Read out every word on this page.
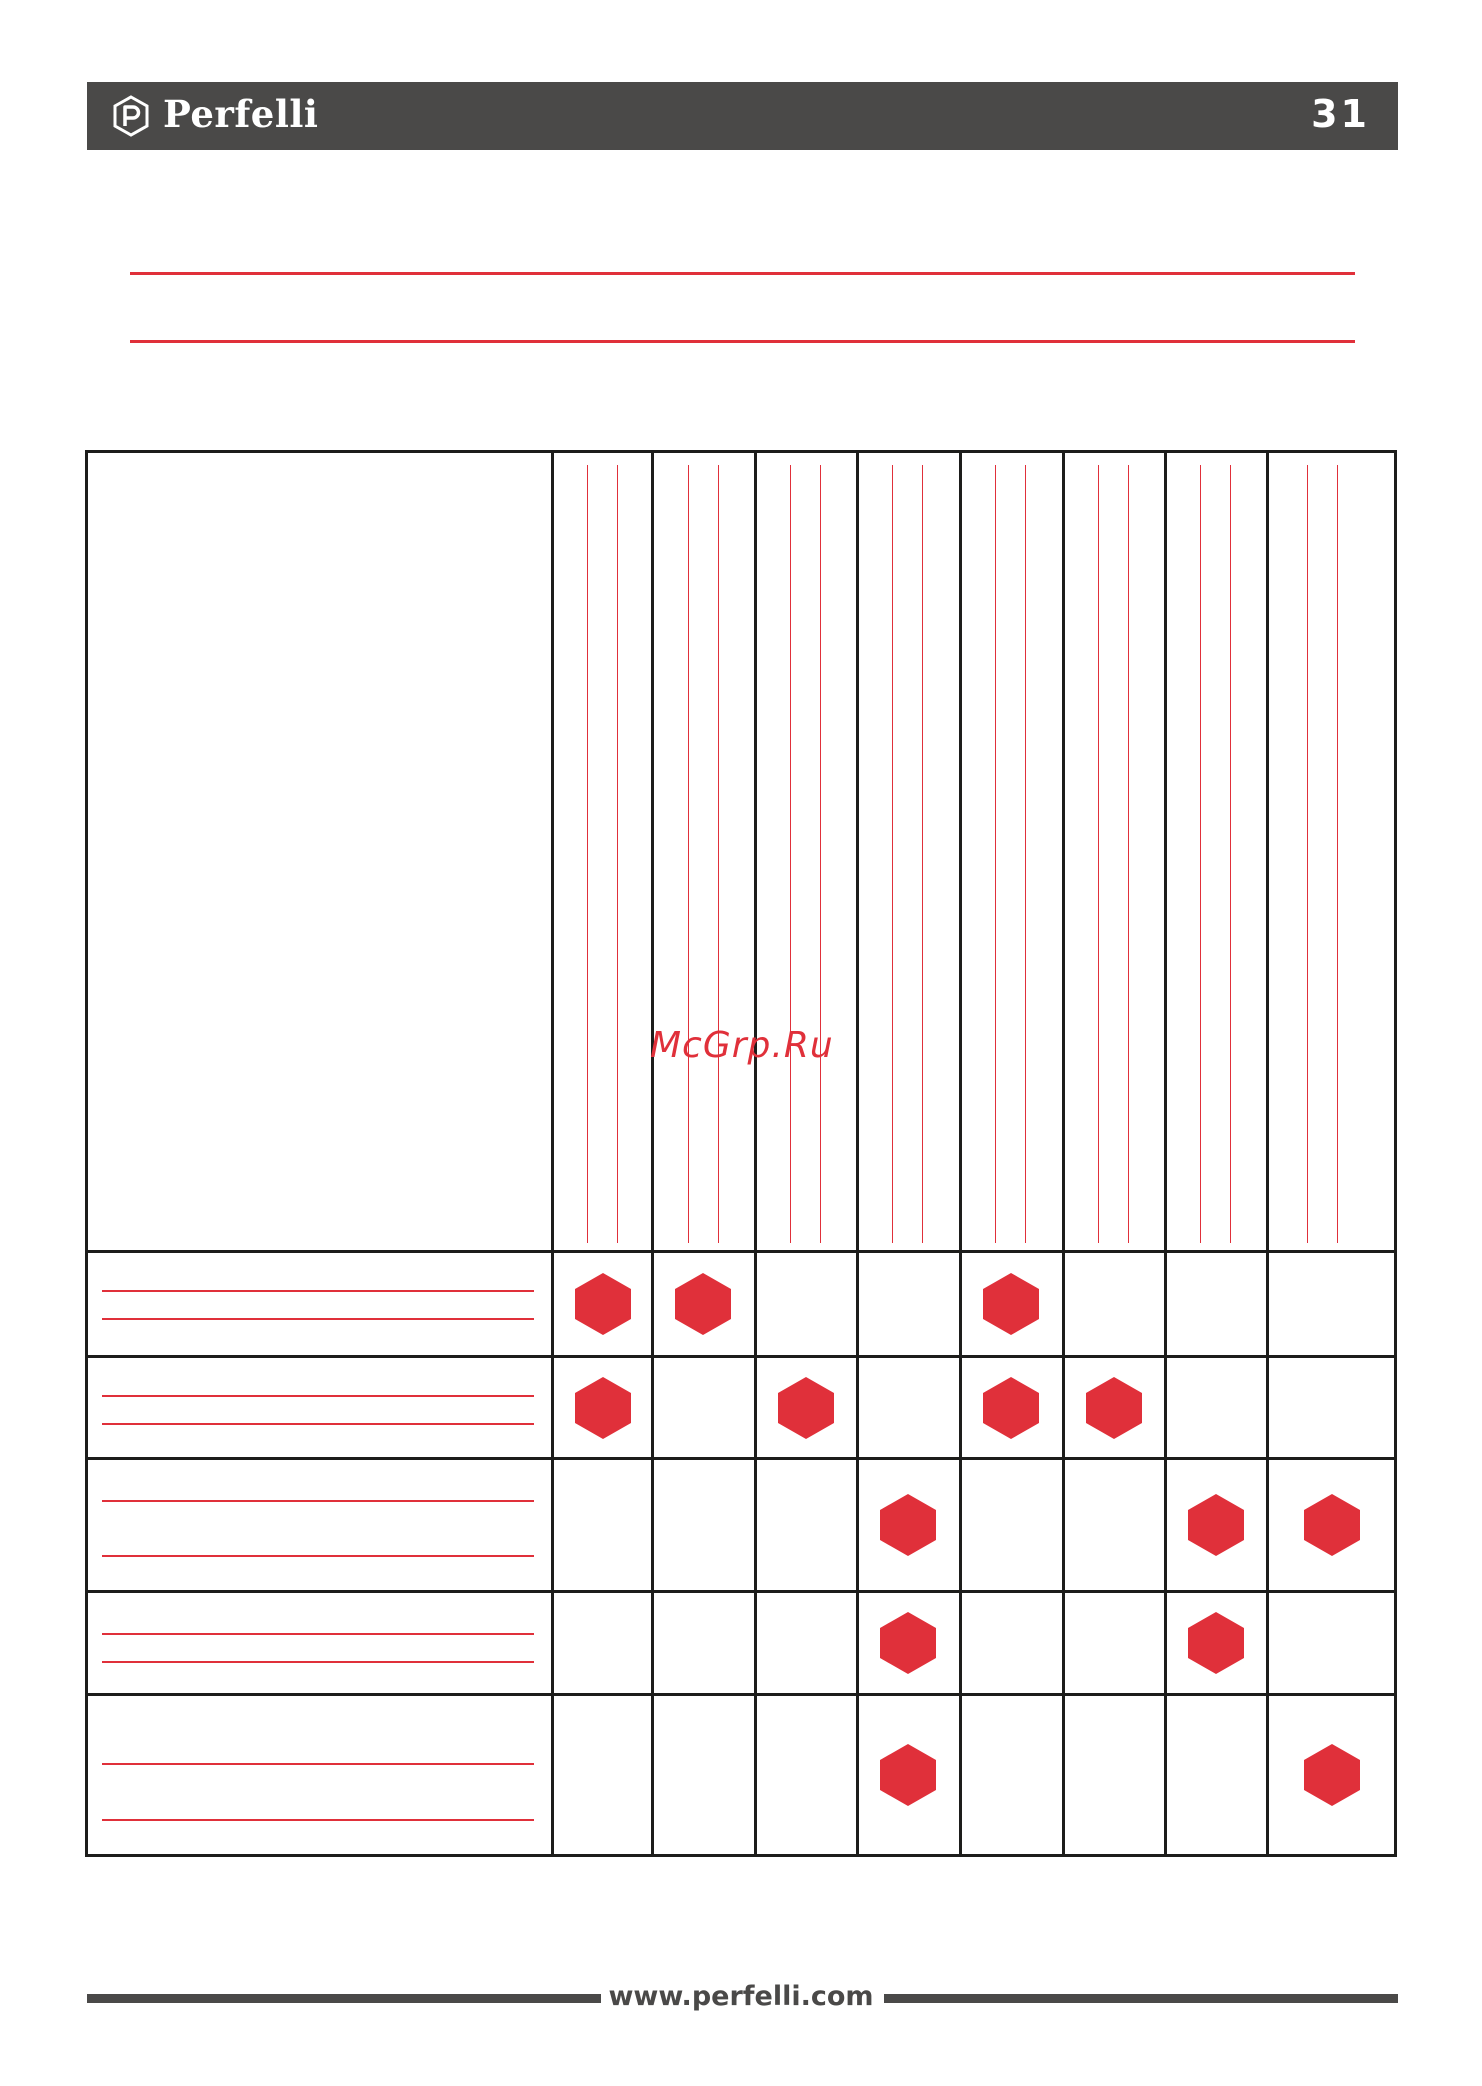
Perfelli	31
McGrp.Ru
www.perfelli.com
